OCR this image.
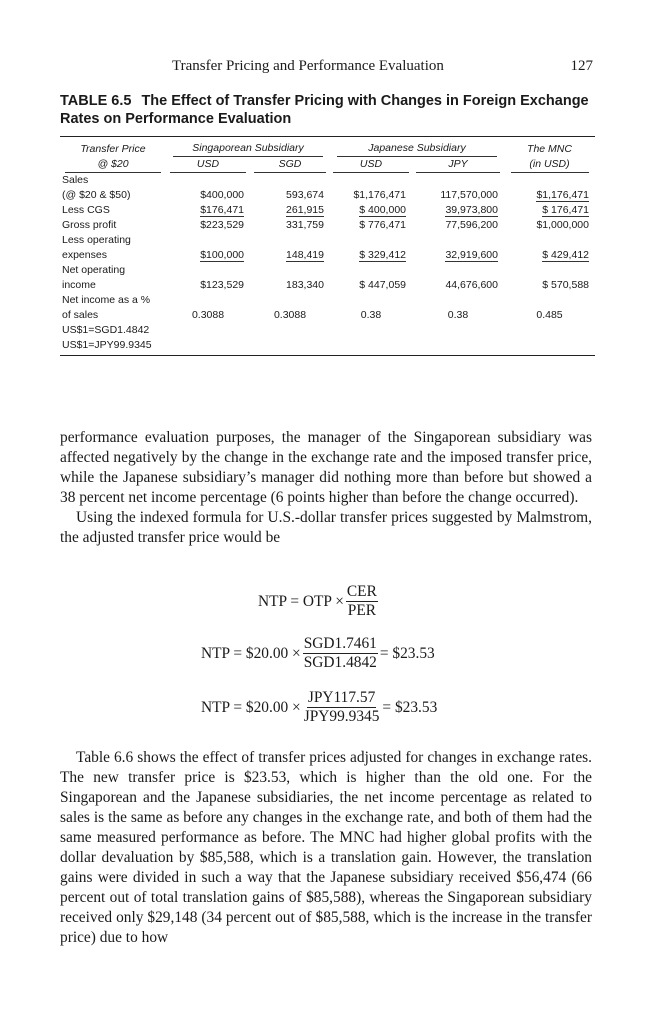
Transfer Pricing and Performance Evaluation	127
TABLE 6.5 The Effect of Transfer Pricing with Changes in Foreign Exchange Rates on Performance Evaluation
Transfer Price	Singaporean Subsidiary		Japanese Subsidiary		The MNC
@ $20	USD	SGD	USD	JPY	(in USD)
Sales
(@ $20 & $50)	$400,000	593,674	$1,176,471	117,570,000	$1,176,471
Less CGS	$176,471	261,915	$ 400,000	39,973,800	$ 176,471
Gross profit	$223,529	331,759	$ 776,471	77,596,200	$1,000,000
Less operating
expenses	$100,000	148,419	$ 329,412	32,919,600	$ 429,412
Net operating
income	$123,529	183,340	$ 447,059	44,676,600	$ 570,588
Net income as a %
of sales	0.3088	0.3088	0.38	0.38	0.485
US$1=SGD1.4842					
US$1=JPY99.9345					
performance evaluation purposes, the manager of the Singaporean subsidiary was affected negatively by the change in the exchange rate and the imposed transfer price, while the Japanese subsidiary’s manager did nothing more than before but showed a 38 percent net income percentage (6 points higher than before the change occurred).
Using the indexed formula for U.S.-dollar transfer prices suggested by Malmstrom, the adjusted transfer price would be
NTP = OTP × $\frac{\text{CER}}{\text{PER}}$
NTP = $20.00 × $\frac{\text{SGD1.7461}}{\text{SGD1.4842}}$ = $23.53
NTP = $20.00 × $\frac{\text{JPY117.57}}{\text{JPY99.9345}}$ = $23.53
Table 6.6 shows the effect of transfer prices adjusted for changes in exchange rates. The new transfer price is $23.53, which is higher than the old one. For the Singaporean and the Japanese subsidiaries, the net income percentage as related to sales is the same as before any changes in the exchange rate, and both of them had the same measured performance as before. The MNC had higher global profits with the dollar devaluation by $85,588, which is a translation gain. However, the translation gains were divided in such a way that the Japanese subsidiary received $56,474 (66 percent out of total translation gains of $85,588), whereas the Singaporean subsidiary received only $29,148 (34 percent out of $85,588, which is the increase in the transfer price) due to how
